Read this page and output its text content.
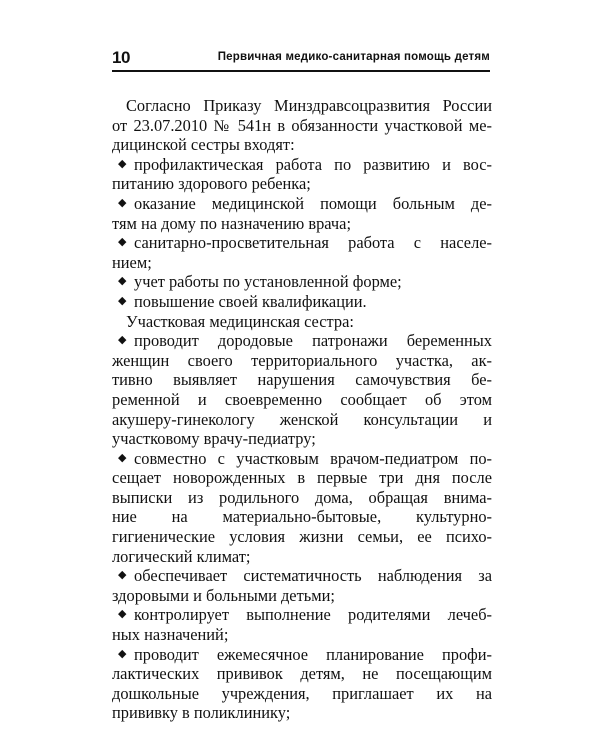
10	Первичная медико-санитарная помощь детям
Согласно Приказу Минздравсоцразвития России
от 23.07.2010 № 541н в обязанности участковой ме-
дицинской сестры входят:
◆ профилактическая работа по развитию и вос-
питанию здорового ребенка;
◆ оказание медицинской помощи больным де-
тям на дому по назначению врача;
◆ санитарно-просветительная работа с населе-
нием;
◆ учет работы по установленной форме;
◆ повышение своей квалификации.
Участковая медицинская сестра:
◆ проводит дородовые патронажи беременных
женщин своего территориального участка, ак-
тивно выявляет нарушения самочувствия бе-
ременной и своевременно сообщает об этом
акушеру-гинекологу женской консультации и
участковому врачу-педиатру;
◆ совместно с участковым врачом-педиатром по-
сещает новорожденных в первые три дня после
выписки из родильного дома, обращая внима-
ние на материально-бытовые, культурно-
гигиенические условия жизни семьи, ее психо-
логический климат;
◆ обеспечивает систематичность наблюдения за
здоровыми и больными детьми;
◆ контролирует выполнение родителями лечеб-
ных назначений;
◆ проводит ежемесячное планирование профи-
лактических прививок детям, не посещающим
дошкольные учреждения, приглашает их на
прививку в поликлинику;
